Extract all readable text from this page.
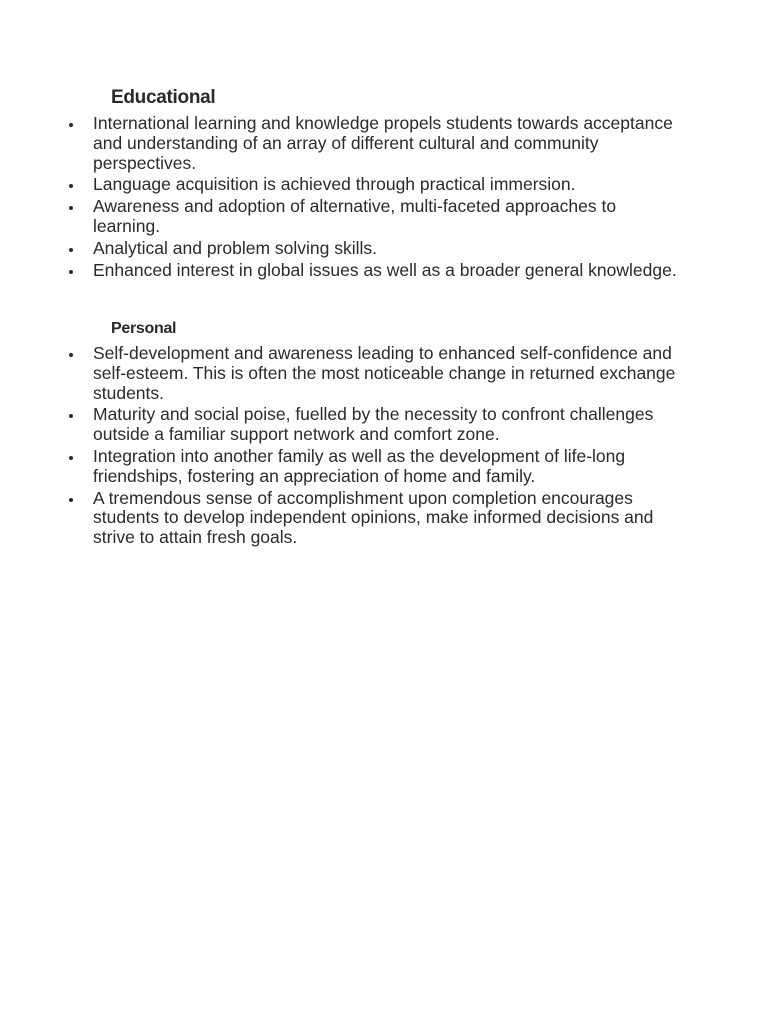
Educational
International learning and knowledge propels students towards acceptance and understanding of an array of different cultural and community perspectives.
Language acquisition is achieved through practical immersion.
Awareness and adoption of alternative, multi-faceted approaches to learning.
Analytical and problem solving skills.
Enhanced interest in global issues as well as a broader general knowledge.
Personal
Self-development and awareness leading to enhanced self-confidence and self-esteem. This is often the most noticeable change in returned exchange students.
Maturity and social poise, fuelled by the necessity to confront challenges outside a familiar support network and comfort zone.
Integration into another family as well as the development of life-long friendships, fostering an appreciation of home and family.
A tremendous sense of accomplishment upon completion encourages students to develop independent opinions, make informed decisions and strive to attain fresh goals.
